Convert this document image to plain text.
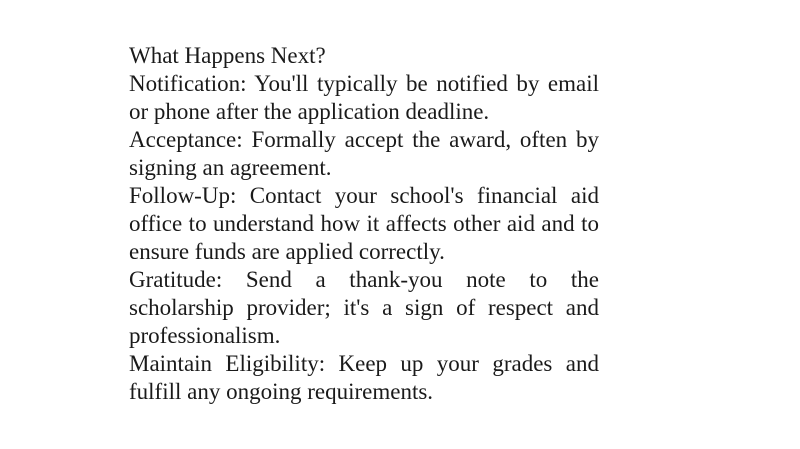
What Happens Next?

Notification: You'll typically be notified by email or phone after the application deadline.

Acceptance: Formally accept the award, often by signing an agreement.

Follow-Up: Contact your school's financial aid office to understand how it affects other aid and to ensure funds are applied correctly.

Gratitude: Send a thank-you note to the scholarship provider; it's a sign of respect and professionalism.

Maintain Eligibility: Keep up your grades and fulfill any ongoing requirements.
